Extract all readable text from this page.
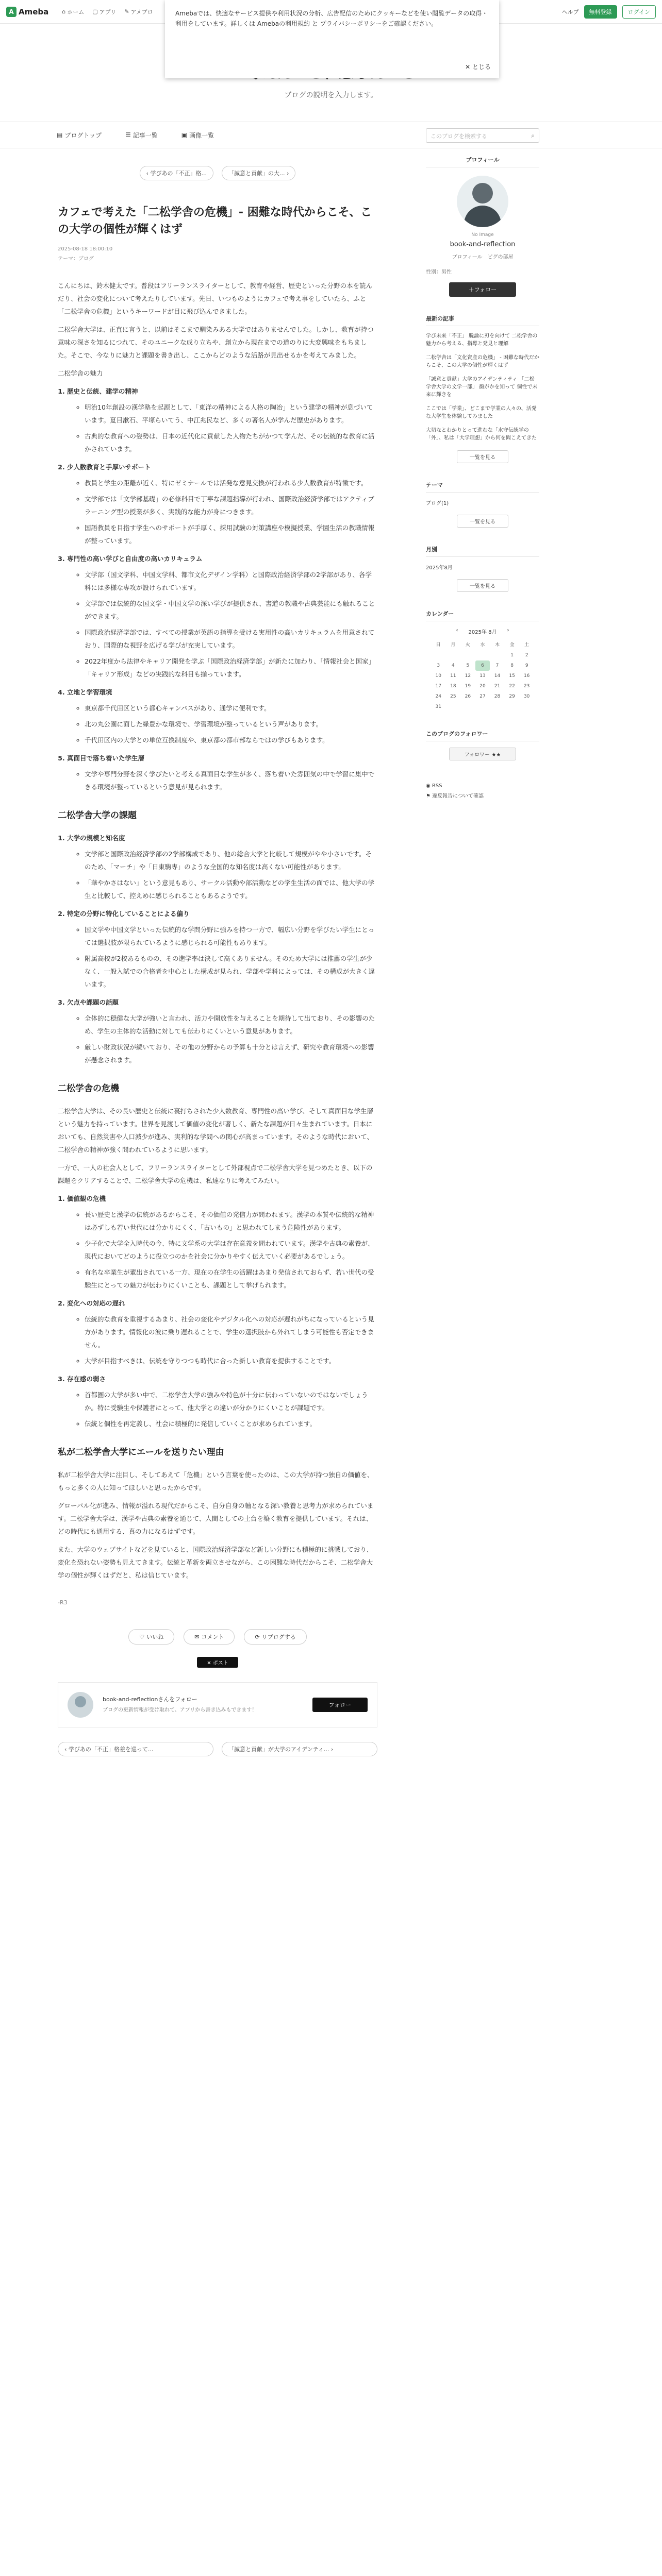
A Ameba ⌂ ホーム ▢ アプリ ✎ アメブロ	ヘルプ	無料登録	ログイン

Amebaでは、快適なサービス提供や利用状況の分析、広告配信のためにクッキーなどを使い閲覧データの取得・利用をしています。詳しくは Amebaの利用規約 と プライバシーポリシーをご確認ください。

✕ とじる
ブログの説明を入力します。
▤ ブログトップ	☰ 記事一覧	▣ 画像一覧	このブログを検索する	⌕
‹ 学びあの「不正」格...	「誠意と貢献」の大... ›
カフェで考えた「二松学舎の危機」- 困難な時代からこそ、この大学の個性が輝くはず
2025-08-18 18:00:10
テーマ：ブログ

こんにちは、鈴木健太です。普段はフリーランスライターとして、教育や経営、歴史といった分野の本を読んだり、社会の変化について考えたりしています。先日、いつものようにカフェで考え事をしていたら、ふと「二松学舎の危機」というキーワードが目に飛び込んできました。

二松学舎大学は、正直に言うと、以前はそこまで馴染みある大学ではありませんでした。しかし、教育が持つ意味の深さを知るにつれて、そのユニークな成り立ちや、創立から現在までの道のりに大変興味をもちました。そこで、今なりに魅力と課題を書き出し、ここからどのような活路が見出せるかを考えてみました。

二松学舎の魅力

1. 歴史と伝統、建学の精神
◦ 明治10年創設の漢学塾を起源として、「東洋の精神による人格の陶冶」という建学の精神が息づいています。夏目漱石、平塚らいてう、中江兆民など、多くの著名人が学んだ歴史があります。
◦ 古典的な教育への姿勢は、日本の近代化に貢献した人物たちがかつて学んだ、その伝統的な教育に活かされています。
2. 少人数教育と手厚いサポート
◦ 教員と学生の距離が近く、特にゼミナールでは活発な意見交換が行われる少人数教育が特徴です。
◦ 文学部では「文学部基礎」の必修科目で丁寧な課題指導が行われ、国際政治経済学部ではアクティブラーニング型の授業が多く、実践的な能力が身につきます。
◦ 国語教員を目指す学生へのサポートが手厚く、採用試験の対策講座や模擬授業、学園生活の教職情報が整っています。
3. 専門性の高い学びと自由度の高いカリキュラム
◦ 文学部（国文学科、中国文学科、都市文化デザイン学科）と国際政治経済学部の2学部があり、各学科には多様な専攻が設けられています。
◦ 文学部では伝統的な国文学・中国文学の深い学びが提供され、書道の教職や古典芸能にも触れることができます。
◦ 国際政治経済学部では、すべての授業が英語の指導を受ける実用性の高いカリキュラムを用意されており、国際的な視野を広げる学びが充実しています。
◦ 2022年度から法律やキャリア開発を学ぶ「国際政治経済学部」が新たに加わり、「情報社会と国家」「キャリア形成」などの実践的な科目も揃っています。
4. 立地と学習環境
◦ 東京都千代田区という都心キャンパスがあり、通学に便利です。
◦ 北の丸公園に面した緑豊かな環境で、学習環境が整っているという声があります。
◦ 千代田区内の大学との単位互換制度や、東京都の都市部ならではの学びもあります。
5. 真面目で落ち着いた学生層
◦ 文学や専門分野を深く学びたいと考える真面目な学生が多く、落ち着いた雰囲気の中で学習に集中できる環境が整っているという意見が見られます。
二松学舎大学の課題
1. 大学の規模と知名度
◦ 文学部と国際政治経済学部の2学部構成であり、他の総合大学と比較して規模がやや小さいです。そのため、「マーチ」や「日東駒専」のような全国的な知名度は高くない可能性があります。
◦ 「華やかさはない」という意見もあり、サークル活動や部活動などの学生生活の面では、他大学の学生と比較して、控えめに感じられることもあるようです。
2. 特定の分野に特化していることによる偏り
◦ 国文学や中国文学といった伝統的な学問分野に強みを持つ一方で、幅広い分野を学びたい学生にとっては選択肢が限られているように感じられる可能性もあります。
◦ 附属高校が2校あるものの、その進学率は決して高くありません。そのため大学には推薦の学生が少なく、一般入試での合格者を中心とした構成が見られ、学部や学科によっては、その構成が大きく違います。
3. 欠点や課題の話題
◦ 全体的に穏健な大学が強いと言われ、活力や開放性を与えることを期待して出ており、その影響のため、学生の主体的な活動に対しても伝わりにくいという意見があります。
◦ 厳しい財政状況が続いており、その他の分野からの予算も十分とは言えず、研究や教育環境への影響が懸念されます。
二松学舎の危機

二松学舎大学は、その長い歴史と伝統に裏打ちされた少人数教育、専門性の高い学び、そして真面目な学生層という魅力を持っています。世界を見渡して価値の変化が著しく、新たな課題が日々生まれています。日本においても、自然災害や人口減少が進み、実利的な学問への関心が高まっています。そのような時代において、二松学舎の精神が強く問われているように思います。

一方で、一人の社会人として、フリーランスライターとして外部視点で二松学舎大学を見つめたとき、以下の課題をクリアすることで、二松学舎大学の危機は、私達なりに考えてみたい。

1. 価値観の危機
◦ 長い歴史と漢学の伝統があるからこそ、その価値の発信力が問われます。漢学の本質や伝統的な精神は必ずしも若い世代には分かりにくく、「古いもの」と思われてしまう危険性があります。
◦ 少子化で大学全入時代の今、特に文学系の大学は存在意義を問われています。漢学や古典の素養が、現代においてどのように役立つのかを社会に分かりやすく伝えていく必要があるでしょう。
◦ 有名な卒業生が輩出されている一方、現在の在学生の活躍はあまり発信されておらず、若い世代の受験生にとっての魅力が伝わりにくいことも、課題として挙げられます。
2. 変化への対応の遅れ
◦ 伝統的な教育を重視するあまり、社会の変化やデジタル化への対応が遅れがちになっているという見方があります。情報化の波に乗り遅れることで、学生の選択肢から外れてしまう可能性も否定できません。
◦ 大学が目指すべきは、伝統を守りつつも時代に合った新しい教育を提供することです。
3. 存在感の弱さ
◦ 首都圏の大学が多い中で、二松学舎大学の強みや特色が十分に伝わっていないのではないでしょうか。特に受験生や保護者にとって、他大学との違いが分かりにくいことが課題です。
◦ 伝統と個性を再定義し、社会に積極的に発信していくことが求められています。
私が二松学舎大学にエールを送りたい理由

私が二松学舎大学に注目し、そしてあえて「危機」という言葉を使ったのは、この大学が持つ独自の価値を、もっと多くの人に知ってほしいと思ったからです。

グローバル化が進み、情報が溢れる現代だからこそ、自分自身の軸となる深い教養と思考力が求められています。二松学舎大学は、漢学や古典の素養を通じて、人間としての土台を築く教育を提供しています。それは、どの時代にも通用する、真の力になるはずです。

また、大学のウェブサイトなどを見ていると、国際政治経済学部など新しい分野にも積極的に挑戦しており、変化を恐れない姿勢も見えてきます。伝統と革新を両立させながら、この困難な時代だからこそ、二松学舎大学の個性が輝くはずだと、私は信じています。

-R3
♡ いいね	✉ コメント	⟳ リブログする
✕ ポスト
book-and-reflectionさんをフォロー
ブログの更新情報が受け取れて、アプリから書き込みもできます！
フォロー
‹ 学びあの「不正」格差を巡って...	「誠意と貢献」が大学のアイデンティ... ›
プロフィール
No Image
book-and-reflection
プロフィール　ピグの部屋
性別：男性
＋フォロー
最新の記事
学び未来「不正」 脱論に刃を向けて 二松学舎の魅力から考える、指導と発見と理解
二松学舎は「文化資産の危機」 - 困難な時代だからこそ、この大学の個性が輝くはず
「誠意と貢献」大学のアイデンティティ 「二松学舎大学の文学一部」 顔がかを知って 個性で未来に輝きを
ここでは「学業」、どこまで学業の人々の、活発な大学生を体験してみました
大切なとわかりとって進むな「水守伝統学の「外」、私は「大学理想」から何を聞こえてきた
一覧を見る
テーマ
ブログ(1)
一覧を見る
月別
2025年8月
一覧を見る
カレンダー
‹ 2025年 8月 ›
日	月	火	水	木	金	土
					1	2
3	4	5	6	7	8	9
10	11	12	13	14	15	16
17	18	19	20	21	22	23
24	25	26	27	28	29	30
31						
このブログのフォロワー
フォロワー ★★
◉ RSS
⚑ 違反報告について確認
